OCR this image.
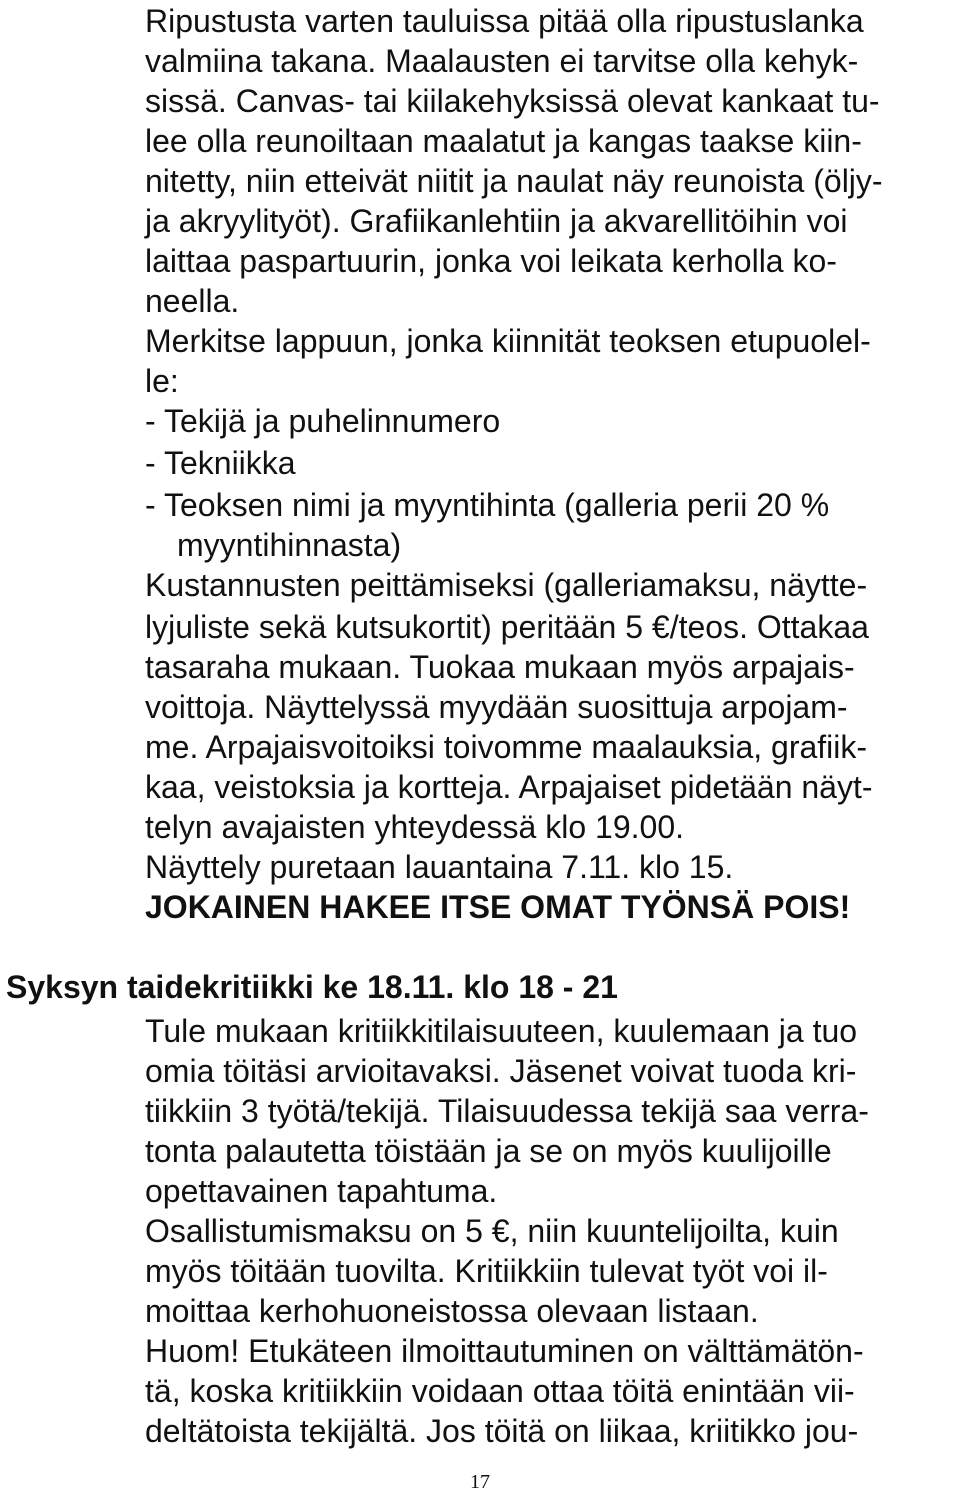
Ripustusta varten tauluissa pitää olla ripustuslanka
valmiina takana. Maalausten ei tarvitse olla kehyk-
sissä. Canvas- tai kiilakehyksissä olevat kankaat tu-
lee olla reunoiltaan maalatut ja kangas taakse kiin-
nitetty, niin etteivät niitit ja naulat näy reunoista (öljy-
ja akryylityöt). Grafiikanlehtiin ja akvarellitöihin voi
laittaa paspartuurin, jonka voi leikata kerholla ko-
neella.
Merkitse lappuun, jonka kiinnität teoksen etupuolel-
le:
- Tekijä ja puhelinnumero
- Tekniikka
- Teoksen nimi ja myyntihinta (galleria perii 20 %
myyntihinnasta)
Kustannusten peittämiseksi (galleriamaksu, näytte-
lyjuliste sekä kutsukortit) peritään 5 €/teos. Ottakaa
tasaraha mukaan. Tuokaa mukaan myös arpajais-
voittoja. Näyttelyssä myydään suosittuja arpojam-
me. Arpajaisvoitoiksi toivomme maalauksia, grafiik-
kaa, veistoksia ja kortteja. Arpajaiset pidetään näyt-
telyn avajaisten yhteydessä klo 19.00.
Näyttely puretaan lauantaina 7.11. klo 15.
JOKAINEN HAKEE ITSE OMAT TYÖNSÄ POIS!
Syksyn taidekritiikki ke 18.11. klo 18 - 21
Tule mukaan kritiikkitilaisuuteen, kuulemaan ja tuo
omia töitäsi arvioitavaksi. Jäsenet voivat tuoda kri-
tiikkiin 3 työtä/tekijä. Tilaisuudessa tekijä saa verra-
tonta palautetta töistään ja se on myös kuulijoille
opettavainen tapahtuma.
Osallistumismaksu on 5 €, niin kuuntelijoilta, kuin
myös töitään tuovilta. Kritiikkiin tulevat työt voi il-
moittaa kerhohuoneistossa olevaan listaan.
Huom! Etukäteen ilmoittautuminen on välttämätön-
tä, koska kritiikkiin voidaan ottaa töitä enintään vii-
deltätoista tekijältä. Jos töitä on liikaa, kriitikko jou-
17
